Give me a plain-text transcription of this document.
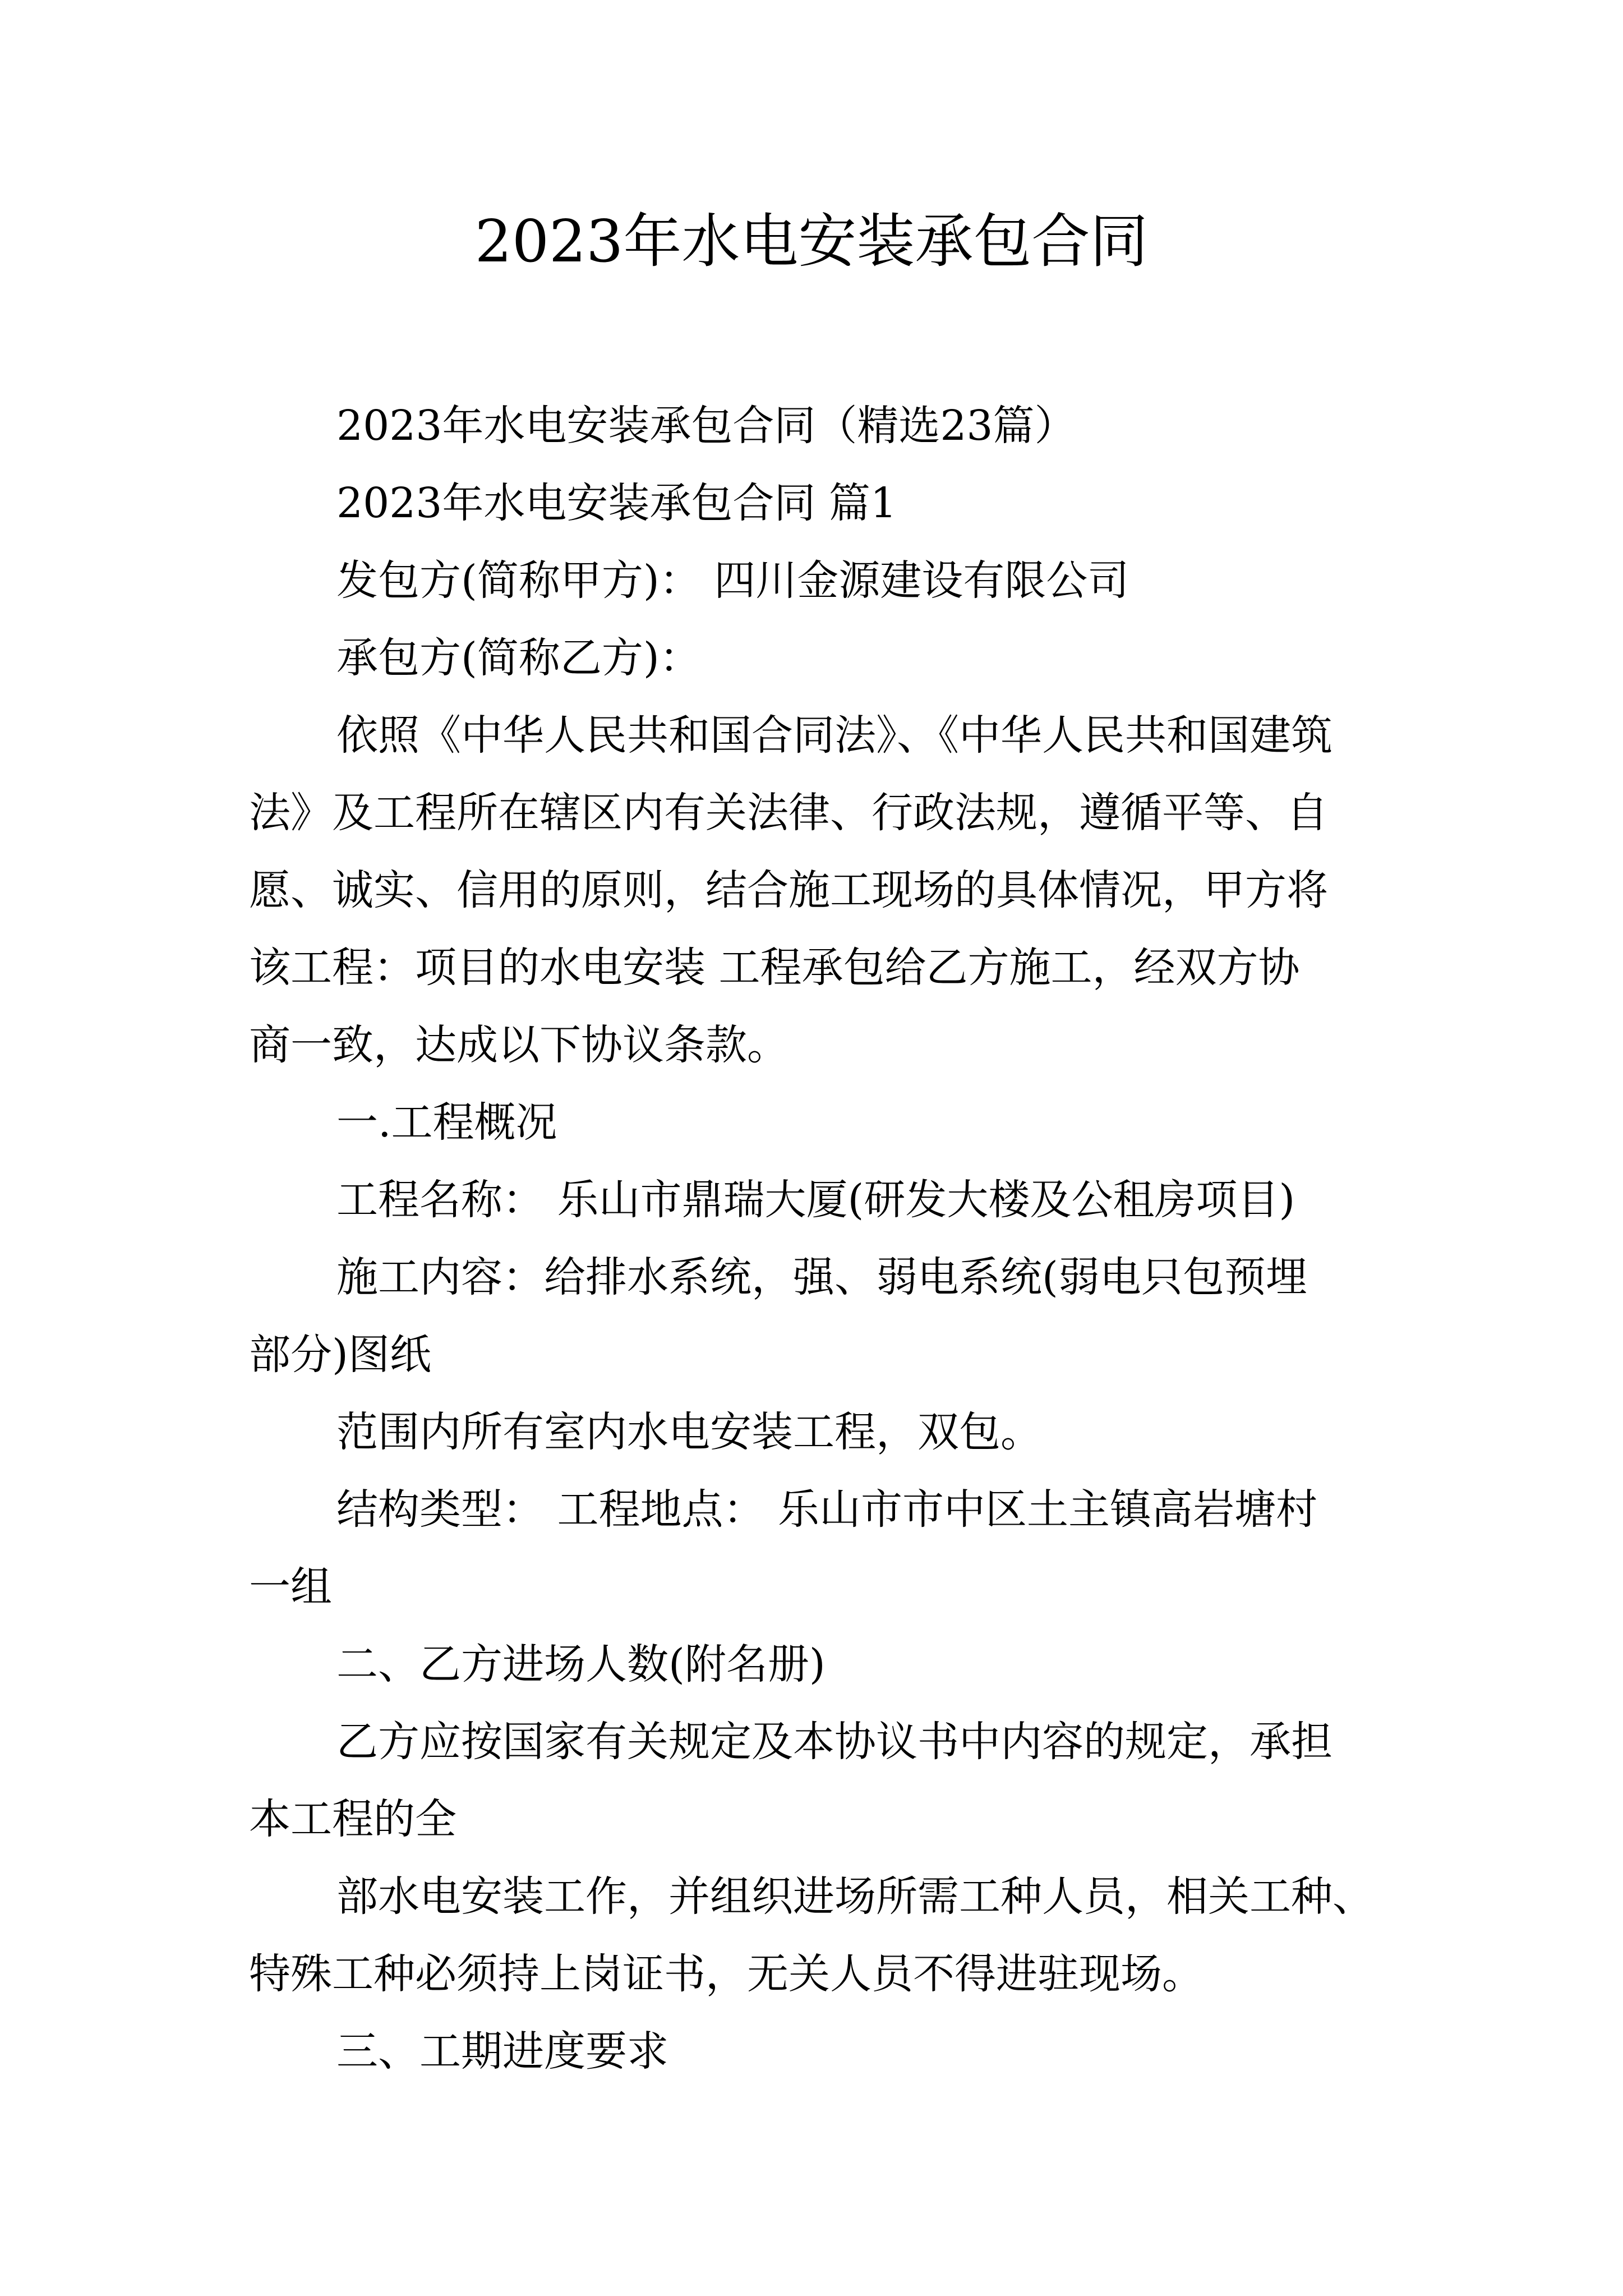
2023年水电安装承包合同
2023年水电安装承包合同（精选23篇）
2023年水电安装承包合同 篇1
发包方(简称甲方)： 四川金源建设有限公司
承包方(简称乙方)：
依照《中华人民共和国合同法》、《中华人民共和国建筑
法》及工程所在辖区内有关法律、行政法规，遵循平等、自
愿、诚实、信用的原则，结合施工现场的具体情况，甲方将
该工程：项目的水电安装 工程承包给乙方施工，经双方协
商一致，达成以下协议条款。
一.工程概况
工程名称： 乐山市鼎瑞大厦(研发大楼及公租房项目)
施工内容：给排水系统，强、弱电系统(弱电只包预埋
部分)图纸
范围内所有室内水电安装工程，双包。
结构类型： 工程地点： 乐山市市中区土主镇高岩塘村
一组
二、乙方进场人数(附名册)
乙方应按国家有关规定及本协议书中内容的规定，承担
本工程的全
部水电安装工作，并组织进场所需工种人员，相关工种、
特殊工种必须持上岗证书，无关人员不得进驻现场。
三、工期进度要求
